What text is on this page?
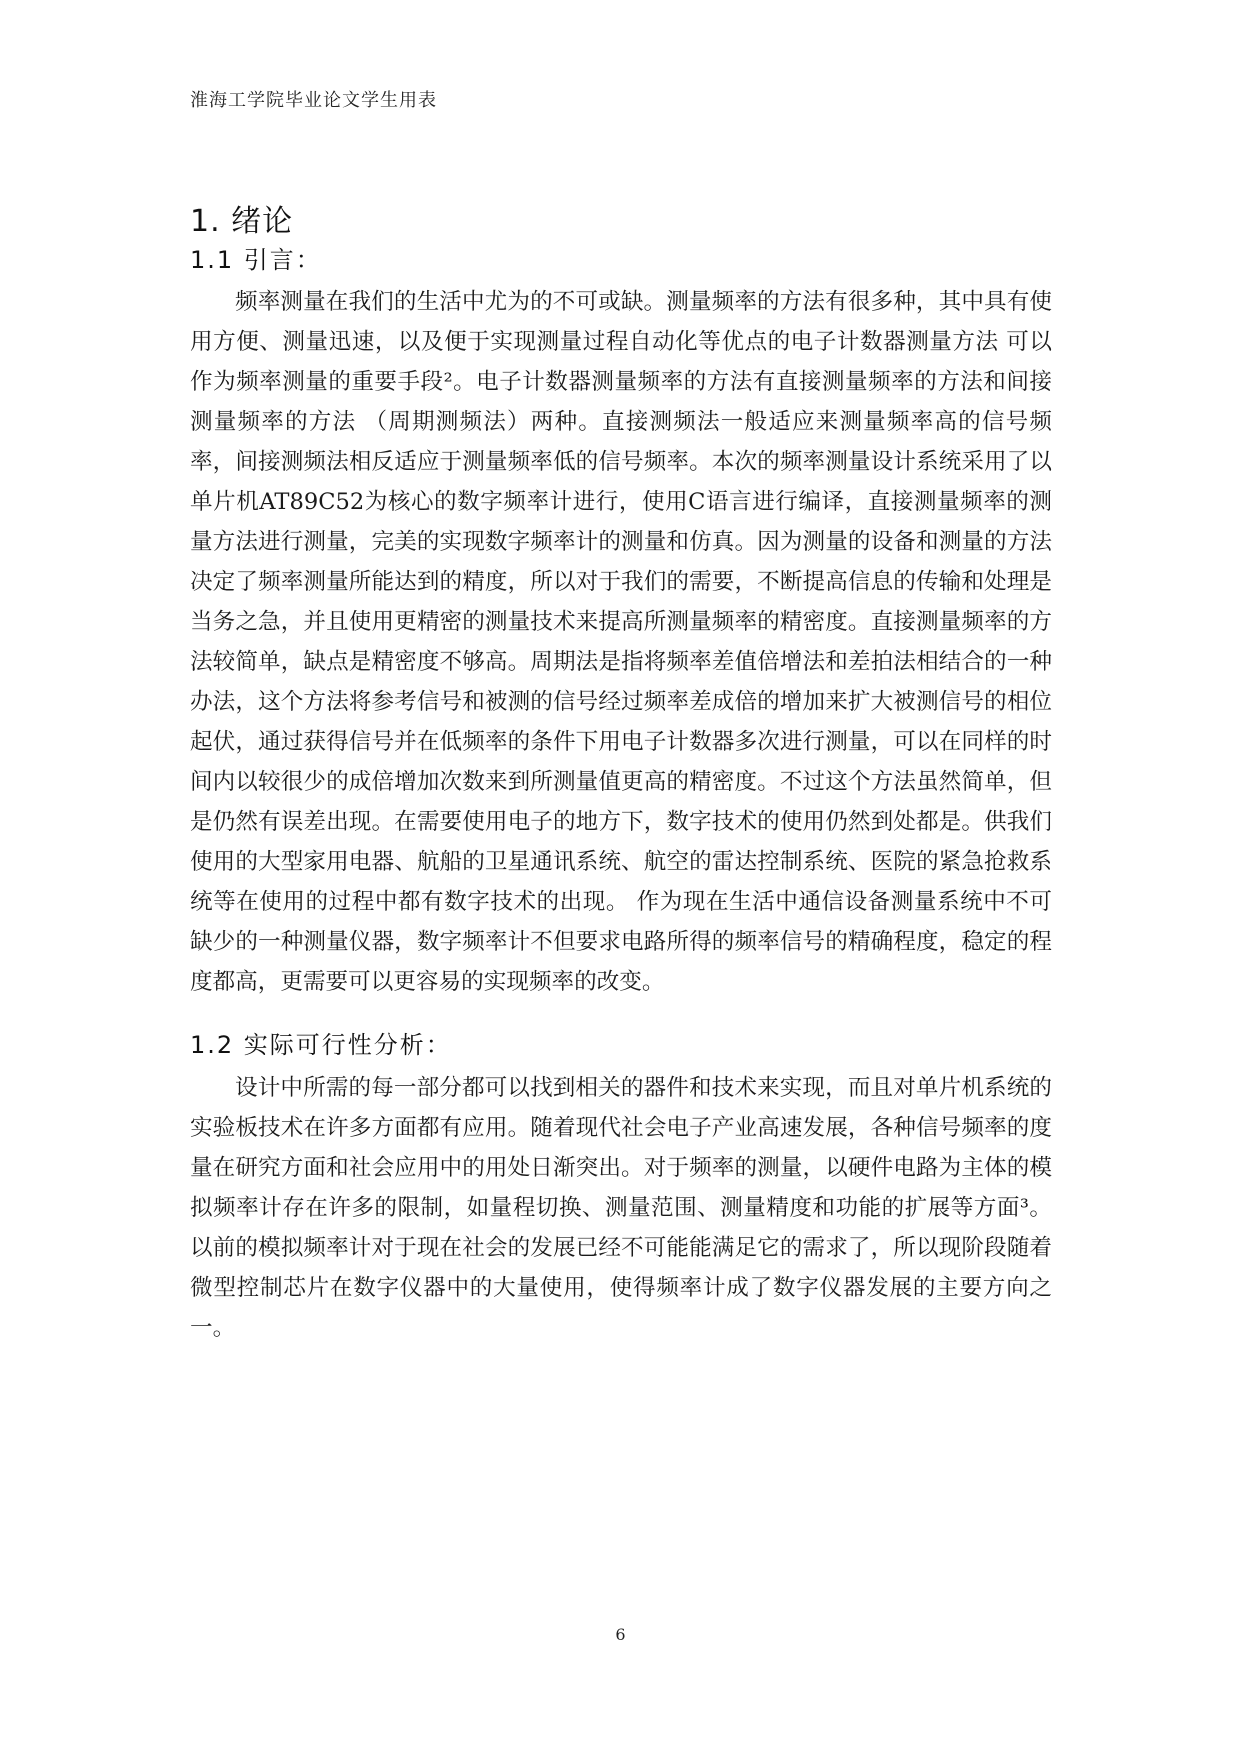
淮海工学院毕业论文学生用表
1. 绪论
1.1 引言：
频率测量在我们的生活中尤为的不可或缺。测量频率的方法有很多种，其中具有使用方便、测量迅速，以及便于实现测量过程自动化等优点的电子计数器测量方法 可以作为频率测量的重要手段²。电子计数器测量频率的方法有直接测量频率的方法和间接测量频率的方法 （周期测频法）两种。直接测频法一般适应来测量频率高的信号频率，间接测频法相反适应于测量频率低的信号频率。本次的频率测量设计系统采用了以单片机AT89C52为核心的数字频率计进行，使用C语言进行编译，直接测量频率的测量方法进行测量，完美的实现数字频率计的测量和仿真。因为测量的设备和测量的方法决定了频率测量所能达到的精度，所以对于我们的需要，不断提高信息的传输和处理是当务之急，并且使用更精密的测量技术来提高所测量频率的精密度。直接测量频率的方法较简单，缺点是精密度不够高。周期法是指将频率差值倍增法和差拍法相结合的一种办法，这个方法将参考信号和被测的信号经过频率差成倍的增加来扩大被测信号的相位起伏，通过获得信号并在低频率的条件下用电子计数器多次进行测量，可以在同样的时间内以较很少的成倍增加次数来到所测量值更高的精密度。不过这个方法虽然简单，但是仍然有误差出现。在需要使用电子的地方下，数字技术的使用仍然到处都是。供我们使用的大型家用电器、航船的卫星通讯系统、航空的雷达控制系统、医院的紧急抢救系统等在使用的过程中都有数字技术的出现。 作为现在生活中通信设备测量系统中不可缺少的一种测量仪器，数字频率计不但要求电路所得的频率信号的精确程度，稳定的程度都高，更需要可以更容易的实现频率的改变。
1.2 实际可行性分析：
设计中所需的每一部分都可以找到相关的器件和技术来实现，而且对单片机系统的实验板技术在许多方面都有应用。随着现代社会电子产业高速发展，各种信号频率的度量在研究方面和社会应用中的用处日渐突出。对于频率的测量，以硬件电路为主体的模拟频率计存在许多的限制，如量程切换、测量范围、测量精度和功能的扩展等方面³。以前的模拟频率计对于现在社会的发展已经不可能能满足它的需求了，所以现阶段随着微型控制芯片在数字仪器中的大量使用，使得频率计成了数字仪器发展的主要方向之一。
6
